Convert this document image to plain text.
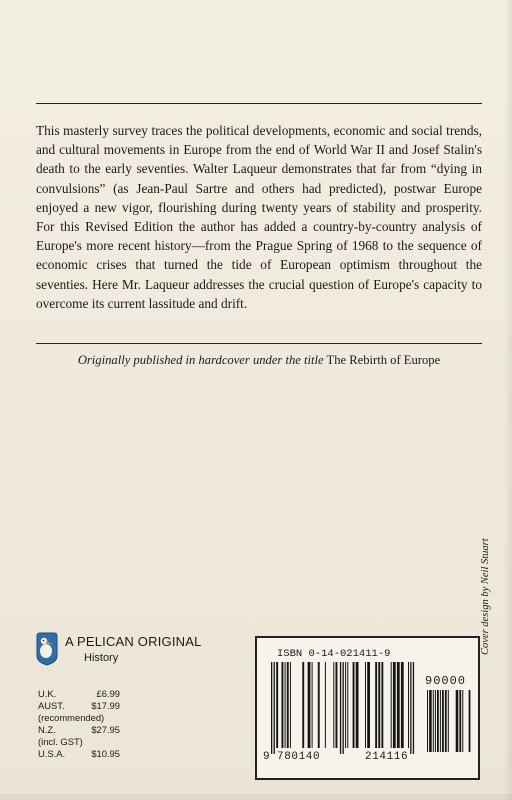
This masterly survey traces the political developments, economic and social trends, and cultural movements in Europe from the end of World War II and Josef Stalin's death to the early seventies. Walter Laqueur demonstrates that far from “dying in convulsions” (as Jean-Paul Sartre and others had predicted), postwar Europe enjoyed a new vigor, flourishing during twenty years of stability and prosperity. For this Revised Edition the author has added a country-by-country analysis of Europe's more recent history—from the Prague Spring of 1968 to the sequence of economic crises that turned the tide of European optimism throughout the seventies. Here Mr. Laqueur addresses the crucial question of Europe's capacity to overcome its current lassitude and drift.

Originally published in hardcover under the title The Rebirth of Europe
Cover design by Neil Stuart
A PELICAN ORIGINAL
History
U.K.	£6.99
AUST.	$17.99
(recommended)
N.Z.	$27.95
(incl. GST)
U.S.A.	$10.95
ISBN 0-14-021411-9
90000
9 780140	214116
